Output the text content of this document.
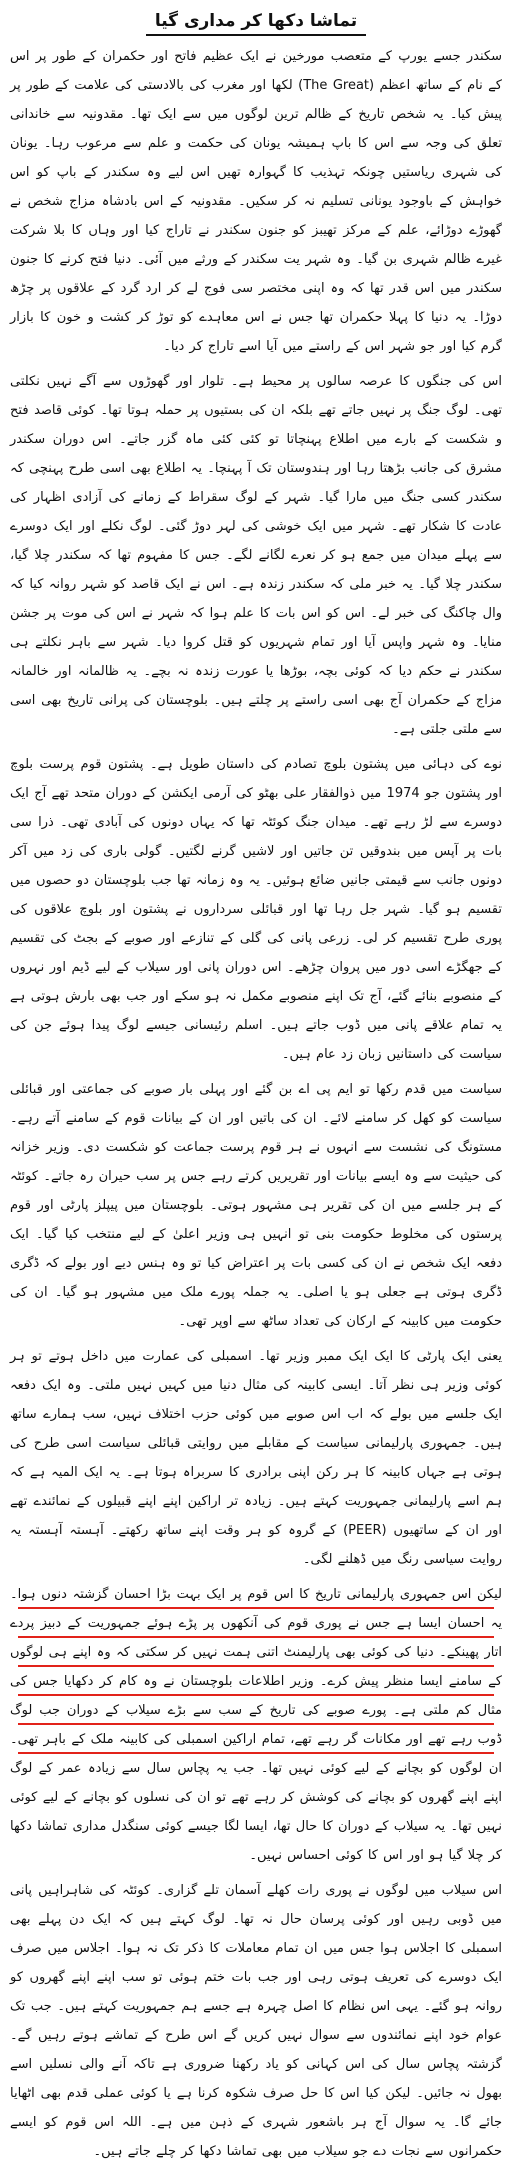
تماشا دکھا کر مداری گیا

سکندر جسے یورپ کے متعصب مورخین نے ایک عظیم فاتح اور حکمران کے طور پر اس کے نام کے ساتھ اعظم (The Great) لکھا اور مغرب کی بالادستی کی علامت کے طور پر پیش کیا۔ یہ شخص تاریخ کے ظالم ترین لوگوں میں سے ایک تھا۔ مقدونیہ سے خاندانی تعلق کی وجہ سے اس کا باپ ہمیشہ یونان کی حکمت و علم سے مرعوب رہا۔ یونان کی شہری ریاستیں چونکہ تہذیب کا گہوارہ تھیں اس لیے وہ سکندر کے باپ کو اس خواہش کے باوجود یونانی تسلیم نہ کر سکیں۔ مقدونیہ کے اس بادشاہ مزاج شخص نے گھوڑے دوڑائے، علم کے مرکز تھیبز کو جنون سکندر نے تاراج کیا اور وہاں کا بلا شرکت غیرے ظالم شہری بن گیا۔ وہ شہر یت سکندر کے ورثے میں آئی۔ دنیا فتح کرنے کا جنون سکندر میں اس قدر تھا کہ وہ اپنی مختصر سی فوج لے کر ارد گرد کے علاقوں پر چڑھ دوڑا۔ یہ دنیا کا پہلا حکمران تھا جس نے اس معاہدے کو توڑ کر کشت و خون کا بازار گرم کیا اور جو شہر اس کے راستے میں آیا اسے تاراج کر دیا۔

اس کی جنگوں کا عرصہ سالوں پر محیط ہے۔ تلوار اور گھوڑوں سے آگے نہیں نکلتی تھی۔ لوگ جنگ پر نہیں جاتے تھے بلکہ ان کی بستیوں پر حملہ ہوتا تھا۔ کوئی قاصد فتح و شکست کے بارے میں اطلاع پہنچاتا تو کئی کئی ماہ گزر جاتے۔ اس دوران سکندر مشرق کی جانب بڑھتا رہا اور ہندوستان تک آ پہنچا۔ یہ اطلاع بھی اسی طرح پہنچی کہ سکندر کسی جنگ میں مارا گیا۔ شہر کے لوگ سقراط کے زمانے کی آزادی اظہار کی عادت کا شکار تھے۔ شہر میں ایک خوشی کی لہر دوڑ گئی۔ لوگ نکلے اور ایک دوسرے سے پہلے میدان میں جمع ہو کر نعرے لگانے لگے۔ جس کا مفہوم تھا کہ سکندر چلا گیا، سکندر چلا گیا۔ یہ خبر ملی کہ سکندر زندہ ہے۔ اس نے ایک قاصد کو شہر روانہ کیا کہ وال چاکنگ کی خبر لے۔ اس کو اس بات کا علم ہوا کہ شہر نے اس کی موت پر جشن منایا۔ وہ شہر واپس آیا اور تمام شہریوں کو قتل کروا دیا۔ شہر سے باہر نکلتے ہی سکندر نے حکم دیا کہ کوئی بچہ، بوڑھا یا عورت زندہ نہ بچے۔ یہ ظالمانہ اور خالمانہ مزاج کے حکمران آج بھی اسی راستے پر چلتے ہیں۔ بلوچستان کی پرانی تاریخ بھی اسی سے ملتی جلتی ہے۔

نوے کی دہائی میں پشتون بلوچ تصادم کی داستان طویل ہے۔ پشتون قوم پرست بلوچ اور پشتون جو 1974 میں ذوالفقار علی بھٹو کی آرمی ایکشن کے دوران متحد تھے آج ایک دوسرے سے لڑ رہے تھے۔ میدان جنگ کوئٹہ تھا کہ یہاں دونوں کی آبادی تھی۔ ذرا سی بات پر آپس میں بندوقیں تن جاتیں اور لاشیں گرنے لگتیں۔ گولی باری کی زد میں آکر دونوں جانب سے قیمتی جانیں ضائع ہوئیں۔ یہ وہ زمانہ تھا جب بلوچستان دو حصوں میں تقسیم ہو گیا۔ شہر جل رہا تھا اور قبائلی سرداروں نے پشتون اور بلوچ علاقوں کی پوری طرح تقسیم کر لی۔ زرعی پانی کی گلی کے تنازعے اور صوبے کے بجٹ کی تقسیم کے جھگڑے اسی دور میں پروان چڑھے۔ اس دوران پانی اور سیلاب کے لیے ڈیم اور نہروں کے منصوبے بنائے گئے، آج تک اپنے منصوبے مکمل نہ ہو سکے اور جب بھی بارش ہوتی ہے یہ تمام علاقے پانی میں ڈوب جاتے ہیں۔ اسلم رئیسانی جیسے لوگ پیدا ہوئے جن کی سیاست کی داستانیں زبان زد عام ہیں۔

سیاست میں قدم رکھا تو ایم پی اے بن گئے اور پہلی بار صوبے کی جماعتی اور قبائلی سیاست کو کھل کر سامنے لائے۔ ان کی باتیں اور ان کے بیانات قوم کے سامنے آتے رہے۔ مستونگ کی نشست سے انہوں نے ہر قوم پرست جماعت کو شکست دی۔ وزیر خزانہ کی حیثیت سے وہ ایسے بیانات اور تقریریں کرتے رہے جس پر سب حیران رہ جاتے۔ کوئٹہ کے ہر جلسے میں ان کی تقریر ہی مشہور ہوتی۔ بلوچستان میں پیپلز پارٹی اور قوم پرستوں کی مخلوط حکومت بنی تو انہیں ہی وزیر اعلیٰ کے لیے منتخب کیا گیا۔ ایک دفعہ ایک شخص نے ان کی کسی بات پر اعتراض کیا تو وہ ہنس دیے اور بولے کہ ڈگری ڈگری ہوتی ہے جعلی ہو یا اصلی۔ یہ جملہ پورے ملک میں مشہور ہو گیا۔ ان کی حکومت میں کابینہ کے ارکان کی تعداد ساٹھ سے اوپر تھی۔

یعنی ایک پارٹی کا ایک ایک ممبر وزیر تھا۔ اسمبلی کی عمارت میں داخل ہوتے تو ہر کوئی وزیر ہی نظر آتا۔ ایسی کابینہ کی مثال دنیا میں کہیں نہیں ملتی۔ وہ ایک دفعہ ایک جلسے میں بولے کہ اب اس صوبے میں کوئی حزب اختلاف نہیں، سب ہمارے ساتھ ہیں۔ جمہوری پارلیمانی سیاست کے مقابلے میں روایتی قبائلی سیاست اسی طرح کی ہوتی ہے جہاں کابینہ کا ہر رکن اپنی برادری کا سربراہ ہوتا ہے۔ یہ ایک المیہ ہے کہ ہم اسے پارلیمانی جمہوریت کہتے ہیں۔ زیادہ تر اراکین اپنے اپنے قبیلوں کے نمائندے تھے اور ان کے ساتھیوں (PEER) کے گروہ کو ہر وقت اپنے ساتھ رکھتے۔ آہستہ آہستہ یہ روایت سیاسی رنگ میں ڈھلنے لگی۔

لیکن اس جمہوری پارلیمانی تاریخ کا اس قوم پر ایک بہت بڑا احسان گزشتہ دنوں ہوا۔ یہ احسان ایسا ہے جس نے پوری قوم کی آنکھوں پر پڑے ہوئے جمہوریت کے دبیز پردے اتار پھینکے۔ دنیا کی کوئی بھی پارلیمنٹ اتنی ہمت نہیں کر سکتی کہ وہ اپنے ہی لوگوں کے سامنے ایسا منظر پیش کرے۔ وزیر اطلاعات بلوچستان نے وہ کام کر دکھایا جس کی مثال کم ملتی ہے۔ پورے صوبے کی تاریخ کے سب سے بڑے سیلاب کے دوران جب لوگ ڈوب رہے تھے اور مکانات گر رہے تھے، تمام اراکین اسمبلی کی کابینہ ملک کے باہر تھی۔ ان لوگوں کو بچانے کے لیے کوئی نہیں تھا۔ جب یہ پچاس سال سے زیادہ عمر کے لوگ اپنے اپنے گھروں کو بچانے کی کوشش کر رہے تھے تو ان کی نسلوں کو بچانے کے لیے کوئی نہیں تھا۔ یہ سیلاب کے دوران کا حال تھا، ایسا لگا جیسے کوئی سنگدل مداری تماشا دکھا کر چلا گیا ہو اور اس کا کوئی احساس نہیں۔

اس سیلاب میں لوگوں نے پوری رات کھلے آسمان تلے گزاری۔ کوئٹہ کی شاہراہیں پانی میں ڈوبی رہیں اور کوئی پرسان حال نہ تھا۔ لوگ کہتے ہیں کہ ایک دن پہلے بھی اسمبلی کا اجلاس ہوا جس میں ان تمام معاملات کا ذکر تک نہ ہوا۔ اجلاس میں صرف ایک دوسرے کی تعریف ہوتی رہی اور جب بات ختم ہوئی تو سب اپنے اپنے گھروں کو روانہ ہو گئے۔ یہی اس نظام کا اصل چہرہ ہے جسے ہم جمہوریت کہتے ہیں۔ جب تک عوام خود اپنے نمائندوں سے سوال نہیں کریں گے اس طرح کے تماشے ہوتے رہیں گے۔ گزشتہ پچاس سال کی اس کہانی کو یاد رکھنا ضروری ہے تاکہ آنے والی نسلیں اسے بھول نہ جائیں۔ لیکن کیا اس کا حل صرف شکوہ کرنا ہے یا کوئی عملی قدم بھی اٹھایا جائے گا۔ یہ سوال آج ہر باشعور شہری کے ذہن میں ہے۔ اللہ اس قوم کو ایسے حکمرانوں سے نجات دے جو سیلاب میں بھی تماشا دکھا کر چلے جاتے ہیں۔
